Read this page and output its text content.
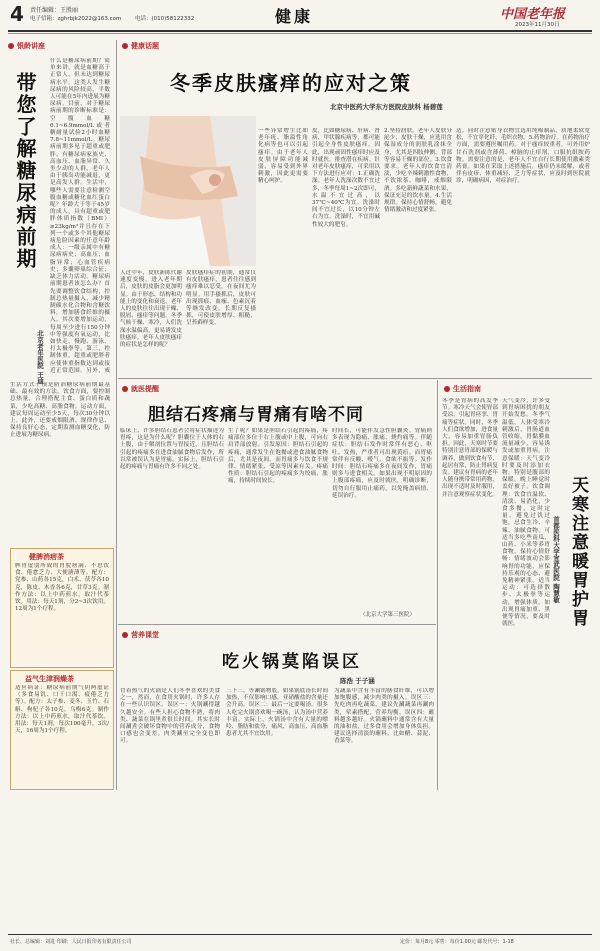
4 责任编辑：王胜丽
电子信箱：zghrbjk2022@163.com 电话：(010)58122332	健康	中国老年报
2023年11月30日
银龄讲座
带您了解糖尿病前期
北京老年医院 王迪
什么是糖尿病前期？简单来讲，就是血糖高于正常人，但未达到糖尿病水平。这类人发生糖尿病的风险较高，半数人可能在5年内进展为糖尿病。目前，对于糖尿病前期的诊断标准是：空腹血糖6.1~6.9mmol/L或者糖耐量试验2小时血糖7.8~11mmol/L。糖尿病前期多见于超重或肥胖、有糖尿病家族史、高血压、血脂异常、久坐少动的人群。老年人由于胰岛功能减退，更是高发人群。生活中，哪些人需要注意检测空腹血糖或糖化血红蛋白呢？年龄大于等于45岁的成人，具有超重或肥胖体质指数（BMI）≥23kg/m²并且存在下列一个或多个其他糖尿病危险因素的任意年龄成人：一级亲属中有糖尿病病史；高血压；血脂异常；心血管疾病史；多囊卵巢综合征；缺乏体力活动。糖尿病前期患者该怎么办？首先要调整饮食结构，控制总热量摄入，减少精制碳水化合物和含糖饮料，增加膳食纤维的摄入。其次要增加运动，每周至少进行150分钟中等强度有氧运动，比如快走、慢跑、游泳、打太极拳等。第三，控制体重，超重或肥胖者应使体重指数达到或接近正常范围。另外，戒
生活方式干预是防治糖尿病前期最基础、最有效的方法。饮食方面，要控制总热量，合理搭配主食、蛋白质和蔬菜，少吃高糖、高脂食物。运动方面，建议每周运动至少5天，每次30分钟以上。此外，还要戒烟限酒、规律作息、保持良好心态，定期监测血糖变化，防止进展为糖尿病。
健脾消痞茶
脾胃虚弱所致的胃脘痞满、不思饮食、倦怠乏力、大便溏薄等。配方：党参、山药各15克，白术、茯苓各10克，陈皮、木香各6克，甘草3克。制作方法：以上中药煎水，取汁代茶饮。用法：每天1剂，分2~3次饮用。12周为1个疗程。
益气生津润燥茶
适应病证：糖尿病前期气阴两虚证（多食易饥、口干口渴、疲倦乏力等）。配方：太子参、麦冬、玉竹、石斛、枸杞子各10克，乌梅6克。制作方法：以上中药煎水，取汁代茶饮。用法：每天1剂，每次100毫升，3次/天，16周为1个疗程。
健康话题
冬季皮肤瘙痒的应对之策
北京中医药大学东方医院皮肤科 杨碧莲
人过中年，皮肤新陈代谢速度变慢，进入老年期后，皮肤的皮脂会更加明显。由于形态、结构和功能上的变化和衰退，老年人的皮肤往往出现干燥、脱屑、瘙痒等问题。冬季气候干燥、寒冷，人们洗澡水温偏高，更易诱发皮肤瘙痒。老年人皮肤瘙痒的症状是怎样的呢？
皮肤瘙痒症的初期，通常仅有皮肤瘙痒，患者往往感到瘙痒难以忍受，在夜间尤为明显。用手搔抓后，皮肤可出现抓痕、血痂、色素沉着等继发改变。长期反复搔抓，可使皮肤增厚、粗糙，呈苔藓样变。
一些异常增生比如老年疣、脂溢性角化病等也可以引起瘙痒。由于老年人皮肤屏障功能减弱，容易受到外界刺激，因此更需要精心呵护。
皮，比如糖尿病、肝病、肾病、甲状腺疾病等，都可能引起全身性皮肤瘙痒。因此，出现顽固性瘙痒时应及时就医，排查潜在疾病。针对老年皮肤瘙痒，可采用以下方法进行应对：1.正确洗澡。老年人洗澡次数不宜过多，冬季每周1~2次即可，水温不宜过高，以37℃~40℃为宜。洗澡时间不宜过长，以10分钟左右为宜。洗澡时，不宜用碱性较大的肥皂。
2.坚持润肤。老年人皮肤分泌少，皮肤干燥，应选用含保湿成分的润肤乳涂抹全身，尤其是四肢伸侧、背部等容易干燥的部位。3.饮食要求。老年人的饮食宜清淡，少吃辛辣刺激性食物，不饮浓茶、咖啡，戒烟限酒。多吃新鲜蔬菜和水果，保证充足的饮水量。4.生活规律。保持心情舒畅，避免情绪激动和过度紧张。
适。同时注意贴身衣物宜选用纯棉制品，质地柔软宽松，不宜穿化纤、毛织衣物。5.药物治疗。在药物治疗方面，需要遵医嘱用药。对于瘙痒较重者，可外用炉甘石洗剂或含薄荷、樟脑的止痒剂，口服抗组胺药物。需要注意的是，老年人不宜自行长期使用激素类药膏。如果在采取上述措施后，瘙痒仍未缓解，或者伴有皮疹、体重减轻、乏力等症状，应及时到医院就诊，明确病因，对症治疗。
就医提醒
胆结石疼痛与胃痛有啥不同
临床上，许多胆结石患者会将症状描述为胃疼，这是为什么呢？胆囊位于人体的右上腹，由于解剖位置与胃接近，且胆结石引起的疼痛多在进食油腻食物后发作，所以常被误认为是胃痛。实际上，胆结石引起的疼痛与胃痛有许多不同之处。
生了呢？如果是胆结石引起的疼痛，疼痛部位多位于右上腹或中上腹，可向右肩背部放射。引发原因：胆结石引起的疼痛，通常发生在饱餐或进食油腻食物后，尤其是夜间。而胃痛多与饮食不规律、情绪紧张、受凉等因素有关。疼痛性质：胆结石引起的疼痛多为绞痛、胀痛，持续时间较长。
时间长，可能伴发急性胆囊炎。胃痛则多表现为隐痛、胀痛、烧灼痛等。伴随症状：胆结石发作时常伴有恶心、呕吐、发热，严重者可出现黄疸。而胃痛常伴有反酸、嗳气、食欲不振等。发作时间：胆结石疼痛多在夜间发作，胃痛则多与进食相关。如果出现不明原因的上腹部疼痛，应及时就医，明确诊断，切勿自行服用止痛药，以免掩盖病情、延误治疗。
（北京大学第三医院）
生活指南
天寒注意暖胃护胃
首都医科大学宣武医院 陶慧敏
天气变冷，许多受到胃病困扰的朋友开始发愁。冬季气温低，人体受寒冷刺激后，胃肠道血管收缩，胃黏膜血流量减少，容易诱发或加重胃病。注意保暖：天气变冷时要及时添加衣物，特别是腹部的保暖，晚上睡觉时盖好被子。饮食调理：饮食宜温软、清淡、易消化，少食多餐，定时定量，避免过饥过饱，忌食生冷、辛辣、油腻食物。可适当多吃些南瓜、山药、小米等养胃食物。保持心情舒畅：情绪波动会影响胃的功能，应保持乐观的心态，避免精神紧张。适当运动：可选择散步、太极拳等运动，增强体质。如出现胃痛加重、黑便等情况，要及时就医。
冬季是胃病的高发季节。寒冷天气会使胃部受凉，引起胃痉挛、胃痛等症状。同时，冬季人们食欲增加，进食量大，容易加重胃肠负担。因此，天寒时节要特别注意胃部的保暖与调养，做到饮食有节、起居有常，防止胃病复发。建议有胃病的老年人随身携带常用药物，出现不适时及时服用，并注意观察症状变化。
营养课堂
吃火锅莫陷误区
陈浩 于子涵
冒着热气的火锅是人们冬季喜欢的美食之一，然而，在食用火锅时，许多人存在一些认识误区。误区一：火锅涮得越久越安全。有些人担心食物不熟，将肉类、蔬菜在锅里煮很长时间。其实长时间涮煮会破坏食物中的营养成分，食物口感也会变差。肉类涮至完全变色即可。
三下三，等涮锅物底。如果锅底汤长时间加热，不仅影响口感，亚硝酸盐的含量还会升高。误区二：最后一定要喝汤。很多人吃完火锅喜欢喝一碗汤，认为汤中营养丰富。实际上，火锅汤中含有大量的嘌呤、脂肪和盐分，痛风、高血压、高血脂患者尤其不宜饮用。
为蔬菜中含有丰富的膳食纤维，可以增加饱腹感，减少肉类的摄入。误区三：先吃肉再吃蔬菜。建议先涮蔬菜再涮肉类，荤素搭配，营养均衡。误区四：蘸料越多越好。火锅蘸料中通常含有大量的油和盐，过多食用会增加身体负担。建议选择清淡的蘸料，比如醋、蒜泥、香菜等。
社长、总编辑：刘进 印刷：人民日报印务有限责任公司	定价：每月8元 零售：每份1.00元 邮发代号：1-18
